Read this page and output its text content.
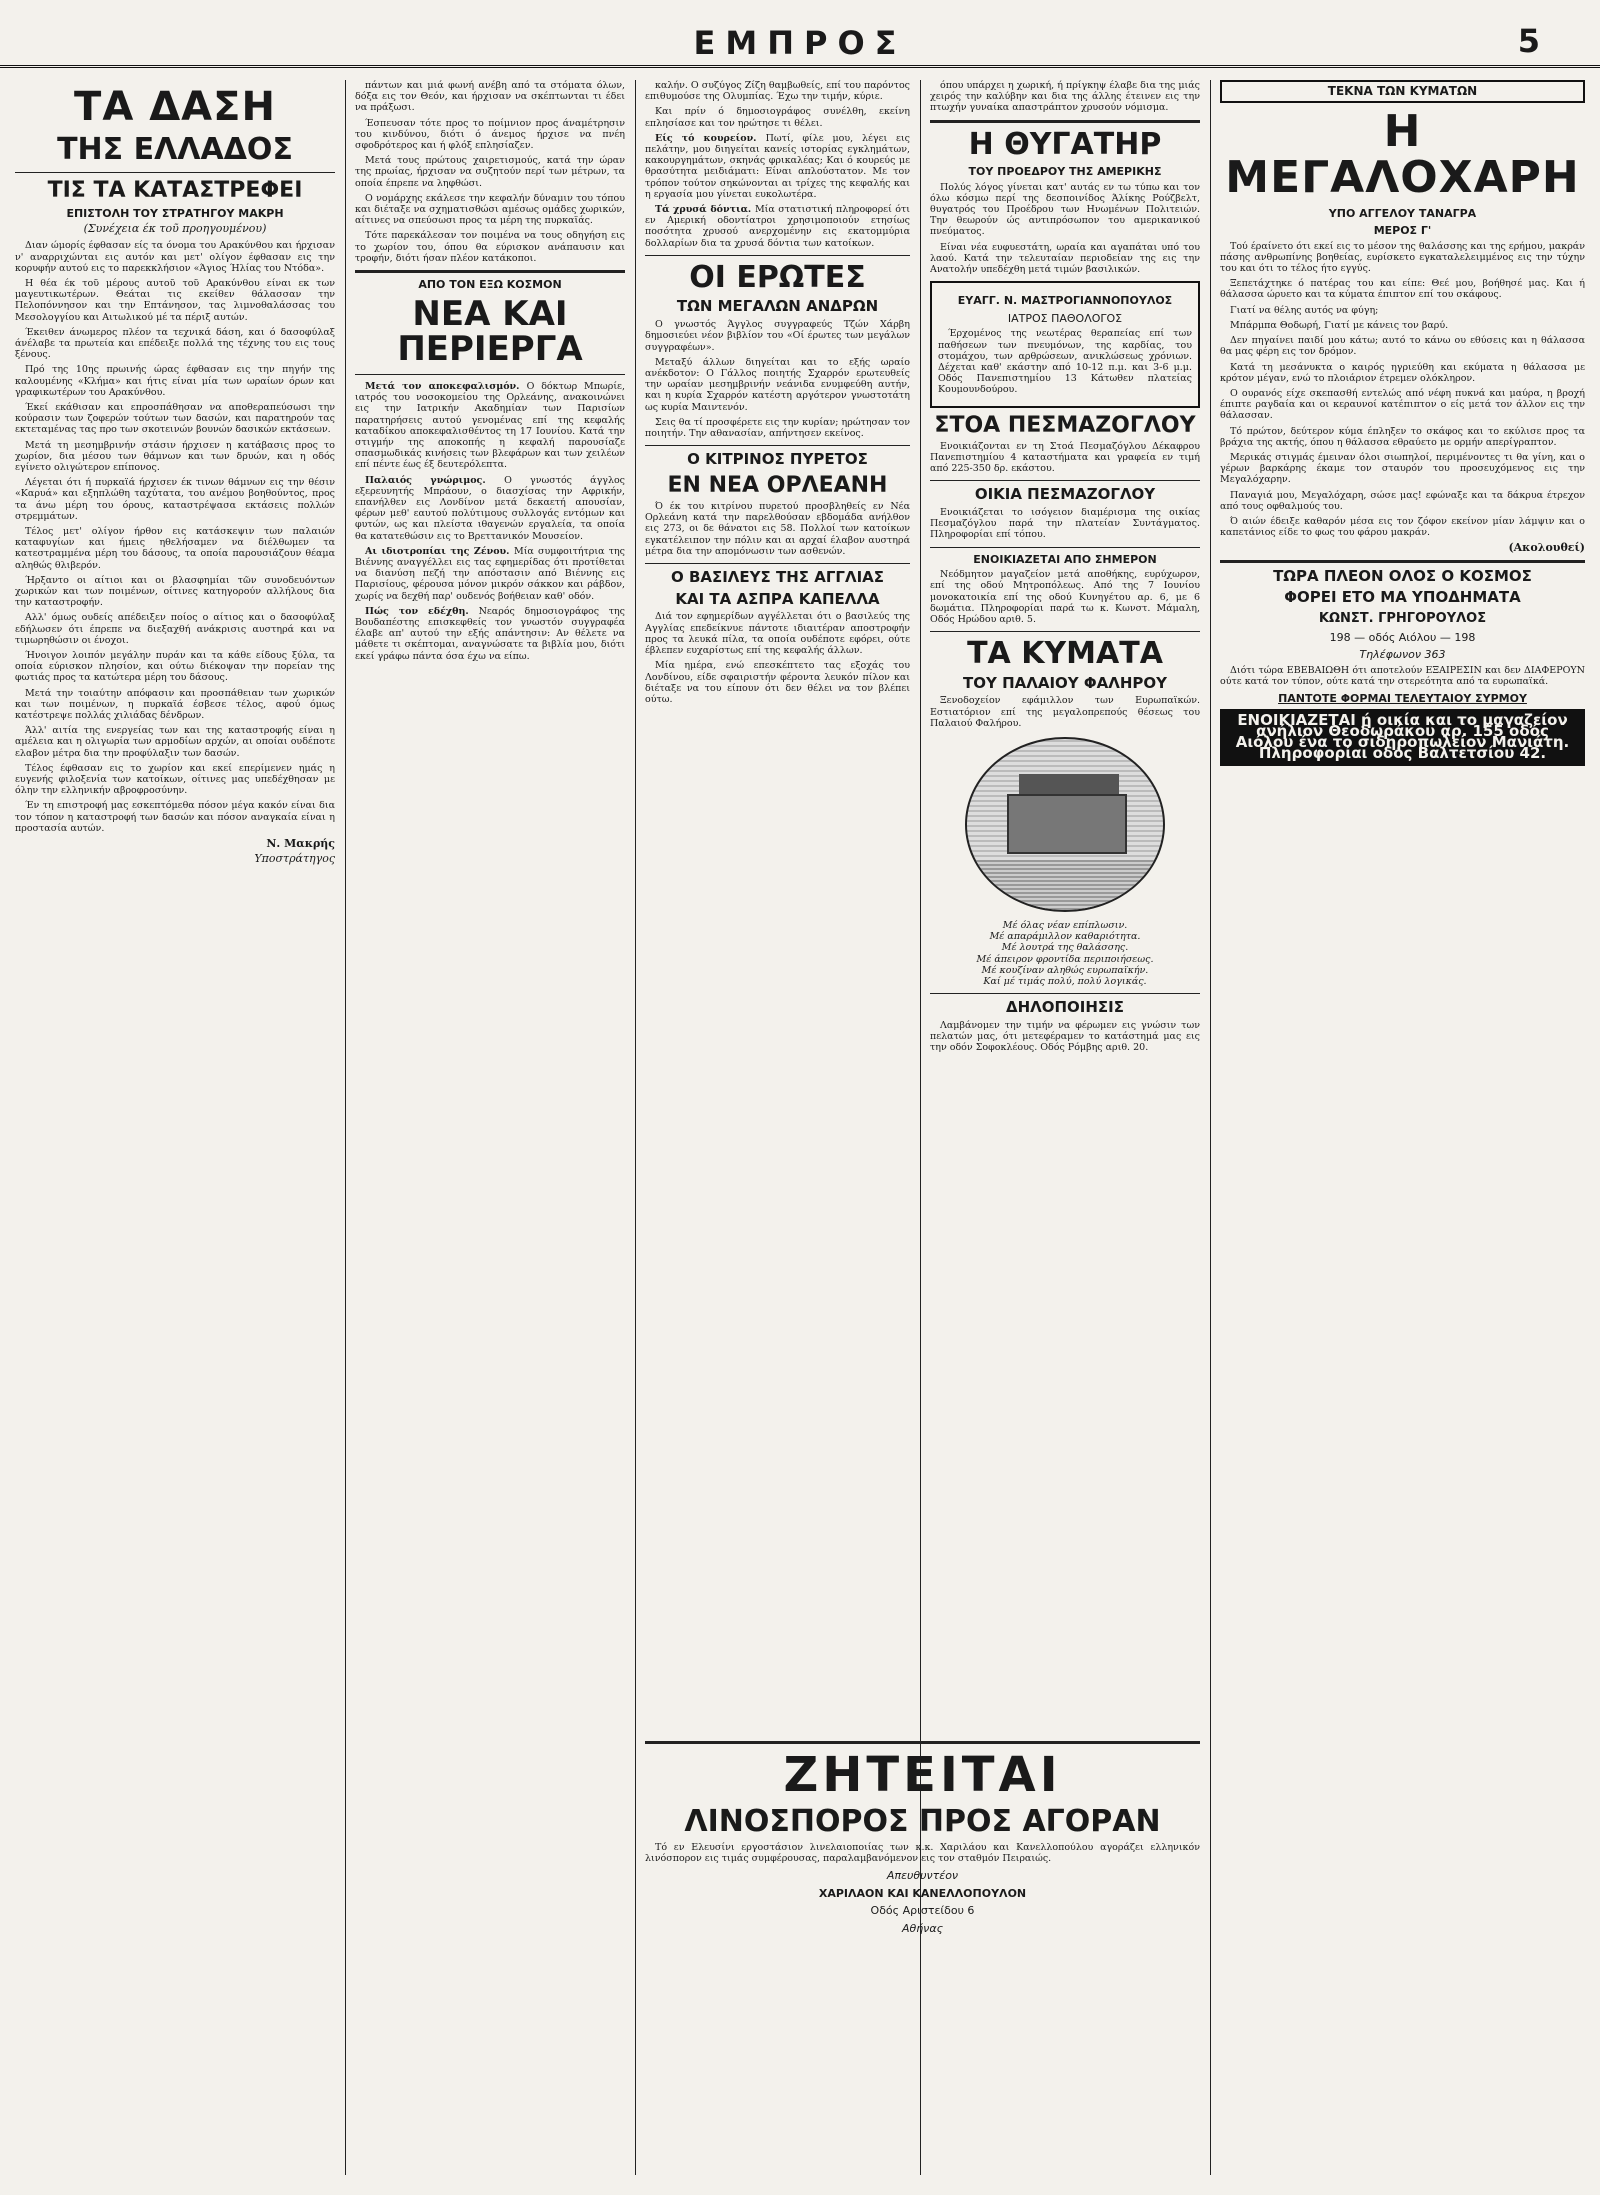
ΕΜΠΡΟΣ	5
ΤΑ ΔΑΣΗ
ΤΗΣ ΕΛΛΑΔΟΣ
ΤΙΣ ΤΑ ΚΑΤΑΣΤΡΕΦΕΙ
ΕΠΙΣΤΟΛΗ ΤΟΥ ΣΤΡΑΤΗΓΟΥ ΜΑΚΡΗ
(Συνέχεια έκ τοῦ προηγουμένου)

Διαν ώμορίς έφθασαν είς τα όνομα του Αρακύνθου και ήρχισαν ν' αναρριχώνται εις αυτόν και μετ' ολίγον έφθασαν εις την κορυφήν αυτού εις το παρεκκλήσιον «Άγιος Ήλίας του Ντόδα».

Η θέα έκ τοῦ μέρους αυτοῦ τοῦ Αρακύνθου είναι εκ των μαγευτικωτέρων. Θεάται τις εκείθεν θάλασσαν την Πελοπόννησον και την Επτάνησον, τας λιμνοθαλάσσας του Μεσολογγίου και Αιτωλικού μέ τα πέριξ αυτών.

Έκειθεν άνωμερος πλέον τα τεχνικά δάση, και ό δασοφύλαξ άνέλαβε τα πρωτεία και επέδειξε πολλά της τέχνης του εις τους ξένους.

Πρό της 10ης πρωινής ώρας έφθασαν εις την πηγήν της καλουμένης «Κλήμα» και ήτις είναι μία των ωραίων όρων και γραφικωτέρων του Αρακύνθου.

Έκεί εκάθισαν και επροσπάθησαν να αποθεραπεύσωσι την κούρασιν των ζοφερών τούτων των δασών, και παρατηρούν τας εκτεταμένας τας προ των σκοτεινών βουνών δασικών εκτάσεων.

Μετά τη μεσημβρινήν στάσιν ήρχισεν η κατάβασις προς το χωρίον, δια μέσου των θάμνων και των δρυών, και η οδός εγίνετο ολιγώτερον επίπονος.

Λέγεται ότι ή πυρκαϊά ήρχισεν έκ τινων θάμνων εις την θέσιν «Καρυά» και εξηπλώθη ταχύτατα, του ανέμου βοηθούντος, προς τα άνω μέρη του όρους, καταστρέψασα εκτάσεις πολλών στρεμμάτων.

Τέλος μετ' ολίγον ήρθον εις κατάσκεψιν των παλαιών καταφυγίων και ήμεις ηθελήσαμεν να διέλθωμεν τα κατεστραμμένα μέρη του δάσους, τα οποία παρουσιάζουν θέαμα αληθώς θλιβερόν.

Ήρξαντο οι αίτιοι και οι βλασφημίαι τῶν συνοδευόντων χωρικών και των ποιμένων, οίτινες κατηγορούν αλλήλους δια την καταστροφήν.

Αλλ' όμως ουδείς απέδειξεν ποίος ο αίτιος και ο δασοφύλαξ εδήλωσεν ότι έπρεπε να διεξαχθή ανάκρισις αυστηρά και να τιμωρηθώσιν οι ένοχοι.

Ήνοιγον λοιπόν μεγάλην πυράν και τα κάθε είδους ξύλα, τα οποία εύρισκον πλησίον, και ούτω διέκοψαν την πορείαν της φωτιάς προς τα κατώτερα μέρη του δάσους.

Μετά την τοιαύτην απόφασιν και προσπάθειαν των χωρικών και των ποιμένων, η πυρκαϊά έσβεσε τέλος, αφού όμως κατέστρεψε πολλάς χιλιάδας δένδρων.

Άλλ' αιτία της ενεργείας των και της καταστροφής είναι η αμέλεια και η ολιγωρία των αρμοδίων αρχών, αι οποίαι ουδέποτε ελαβον μέτρα δια την προφύλαξιν των δασών.

Τέλος έφθασαν εις το χωρίον και εκεί επερίμενεν ημάς η ευγενής φιλοξενία των κατοίκων, οίτινες μας υπεδέχθησαν με όλην την ελληνικήν αβροφροσύνην.

Έν τη επιστροφή μας εσκεπτόμεθα πόσον μέγα κακόν είναι δια τον τόπον η καταστροφή των δασών και πόσον αναγκαία είναι η προστασία αυτών.

Ν. Μακρής
Υποστράτηγος

πάντων και μιά φωνή ανέβη από τα στόματα όλων, δόξα εις τον Θεόν, και ήρχισαν να σκέπτωνται τι έδει να πράξωσι.

Έσπευσαν τότε προς το ποίμνιον προς άναμέτρησιν του κινδύνου, διότι ό άνεμος ήρχισε να πνέη σφοδρότερος και ή φλόξ επλησίαζεν.

Μετά τους πρώτους χαιρετισμούς, κατά την ώραν της πρωίας, ήρχισαν να συζητούν περί των μέτρων, τα οποία έπρεπε να ληφθώσι.

Ο νομάρχης εκάλεσε την κεφαλήν δύναμιν του τόπου και διέταξε να σχηματισθώσι αμέσως ομάδες χωρικών, αίτινες να σπεύσωσι προς τα μέρη της πυρκαϊάς.

Τότε παρεκάλεσαν τον ποιμένα να τους οδηγήση εις το χωρίον του, όπου θα εύρισκον ανάπαυσιν και τροφήν, διότι ήσαν πλέον κατάκοποι.

ΑΠΟ ΤΟΝ ΕΞΩ ΚΟΣΜΟΝ
ΝΕΑ ΚΑΙ ΠΕΡΙΕΡΓΑ

Μετά τον αποκεφαλισμόν. Ο δόκτωρ Μπωρίε, ιατρός του νοσοκομείου της Ορλεάνης, ανακοινώνει εις την Ιατρικήν Ακαδημίαν των Παρισίων παρατηρήσεις αυτού γενομένας επί της κεφαλής καταδίκου αποκεφαλισθέντος τη 17 Ιουνίου. Κατά την στιγμήν της αποκοπής η κεφαλή παρουσίαζε σπασμωδικάς κινήσεις των βλεφάρων και των χειλέων επί πέντε έως έξ δευτερόλεπτα.

Παλαιός γνώριμος. Ο γνωστός άγγλος εξερευνητής Μπράουν, ο διασχίσας την Αφρικήν, επανήλθεν εις Λονδίνον μετά δεκαετή απουσίαν, φέρων μεθ' εαυτού πολύτιμους συλλογάς εντόμων και φυτών, ως και πλείστα ιθαγενών εργαλεία, τα οποία θα κατατεθώσιν εις το Βρεττανικόν Μουσείον.

Αι ιδιοτροπίαι της Ζένου. Μία συμφοιτήτρια της Βιέννης αναγγέλλει εις τας εφημερίδας ότι προτίθεται να διανύση πεζή την απόστασιν από Βιέννης εις Παρισίους, φέρουσα μόνον μικρόν σάκκον και ράβδον, χωρίς να δεχθή παρ' ουδενός βοήθειαν καθ' οδόν.

Πώς τον εδέχθη. Νεαρός δημοσιογράφος της Βουδαπέστης επισκεφθείς τον γνωστόν συγγραφέα έλαβε απ' αυτού την εξής απάντησιν: Αν θέλετε να μάθετε τι σκέπτομαι, αναγνώσατε τα βιβλία μου, διότι εκεί γράφω πάντα όσα έχω να είπω.

καλήν. Ο συζύγος Ζίζη θαμβωθείς, επί του παρόντος επιθυμούσε της Ολυμπίας. Έχω την τιμήν, κύριε.

Και πρίν ό δημοσιογράφος συνέλθη, εκείνη επλησίασε και τον ηρώτησε τι θέλει.

Είς τό κουρείον. Πωτί, φίλε μου, λέγει εις πελάτην, μου διηγείται κανείς ιστορίας εγκλημάτων, κακουργημάτων, σκηνάς φρικαλέας; Και ό κουρεύς με θρασύτητα μειδιάματι: Είναι απλούστατον. Με τον τρόπον τούτον σηκώνονται αι τρίχες της κεφαλής και η εργασία μου γίνεται ευκολωτέρα.

Τά χρυσά δόντια. Μία στατιστική πληροφορεί ότι εν Αμερική οδοντίατροι χρησιμοποιούν ετησίως ποσότητα χρυσού ανερχομένην εις εκατομμύρια δολλαρίων δια τα χρυσά δόντια των κατοίκων.

ΟΙ ΕΡΩΤΕΣ
ΤΩΝ ΜΕΓΑΛΩΝ ΑΝΔΡΩΝ

Ο γνωστός Άγγλος συγγραφεύς Τζών Χάρβη δημοσιεύει νέον βιβλίον του «Οί έρωτες των μεγάλων συγγραφέων».

Μεταξύ άλλων διηγείται και το εξής ωραίο ανέκδοτον: Ο Γάλλος ποιητής Σχαρρόν ερωτευθείς την ωραίαν μεσημβρινήν νεάνιδα ενυμφεύθη αυτήν, και η κυρία Σχαρρόν κατέστη αργότερον γνωστοτάτη ως κυρία Μαιντενόν.

Σεις θα τί προσφέρετε εις την κυρίαν; ηρώτησαν τον ποιητήν. Την αθανασίαν, απήντησεν εκείνος.

Ο ΚΙΤΡΙΝΟΣ ΠΥΡΕΤΟΣ
ΕΝ ΝΕΑ ΟΡΛΕΑΝΗ

Ό έκ του κιτρίνου πυρετού προσβληθείς εν Νέα Ορλεάνη κατά την παρελθούσαν εβδομάδα ανήλθον εις 273, οι δε θάνατοι εις 58. Πολλοί των κατοίκων εγκατέλειπον την πόλιν και αι αρχαί έλαβον αυστηρά μέτρα δια την απομόνωσιν των ασθενών.

Ο ΒΑΣΙΛΕΥΣ ΤΗΣ ΑΓΓΛΙΑΣ
ΚΑΙ ΤΑ ΑΣΠΡΑ ΚΑΠΕΛΛΑ

Διά τον εφημερίδων αγγέλλεται ότι ο βασιλεύς της Αγγλίας επεδείκνυε πάντοτε ιδιαιτέραν αποστροφήν προς τα λευκά πίλα, τα οποία ουδέποτε εφόρει, ούτε έβλεπεν ευχαρίστως επί της κεφαλής άλλων.

Μία ημέρα, ενώ επεσκέπτετο τας εξοχάς του Λονδίνου, είδε σφαιριστήν φέροντα λευκόν πίλον και διέταξε να του είπουν ότι δεν θέλει να τον βλέπει ούτω.

όπου υπάρχει η χωρική, ή πρίγκηψ έλαβε δια της μιάς χειρός την καλύβην και δια της άλλης έτεινεν εις την πτωχήν γυναίκα απαστράπτον χρυσούν νόμισμα.

Η ΘΥΓΑΤΗΡ
ΤΟΥ ΠΡΟΕΔΡΟΥ ΤΗΣ ΑΜΕΡΙΚΗΣ

Πολύς λόγος γίνεται κατ' αυτάς εν τω τύπω και τον όλω κόσμω περί της δεσποινίδος Άλίκης Ρούζβελτ, θυγατρός του Προέδρου των Ηνωμένων Πολιτειών. Την θεωρούν ώς αντιπρόσωπον του αμερικανικού πνεύματος.

Είναι νέα ευφυεστάτη, ωραία και αγαπάται υπό του λαού. Κατά την τελευταίαν περιοδείαν της εις την Ανατολήν υπεδέχθη μετά τιμών βασιλικών.

ΕΥΑΓΓ. Ν. ΜΑΣΤΡΟΓΙΑΝΝΟΠΟΥΛΟΣ
ΙΑΤΡΟΣ ΠΑΘΟΛΟΓΟΣ

Έρχομένος της νεωτέρας θεραπείας επί των παθήσεων των πνευμόνων, της καρδίας, του στομάχου, των αρθρώσεων, ανικλώσεως χρόνιων. Δέχεται καθ' εκάστην από 10-12 π.μ. και 3-6 μ.μ. Οδός Πανεπιστημίου 13 Κάτωθεν πλατείας Κουμουνδούρου.

ΣΤΟΑ ΠΕΣΜΑΖΟΓΛΟΥ

Ενοικιάζονται εν τη Στοά Πεσμαζόγλου Δέκαφρου Πανεπιστημίου 4 καταστήματα και γραφεία εν τιμή από 225-350 δρ. εκάστου.

ΟΙΚΙΑ ΠΕΣΜΑΖΟΓΛΟΥ

Ενοικιάζεται το ισόγειον διαμέρισμα της οικίας Πεσμαζόγλου παρά την πλατείαν Συντάγματος. Πληροφορίαι επί τόπου.

ΕΝΟΙΚΙΑΖΕΤΑΙ ΑΠΟ ΣΗΜΕΡΟΝ

Νεόδμητον μαγαζείον μετά αποθήκης, ευρύχωρον, επί της οδού Μητροπόλεως. Από της 7 Ιουνίου μονοκατοικία επί της οδού Κυνηγέτου αρ. 6, με 6 δωμάτια. Πληροφορίαι παρά τω κ. Κωνστ. Μάμαλη, Οδός Ηρώδου αριθ. 5.

ΤΑ ΚΥΜΑΤΑ
ΤΟΥ ΠΑΛΑΙΟΥ ΦΑΛΗΡΟΥ

Ξενοδοχείον εφάμιλλον των Ευρωπαϊκών. Εστιατόριον επί της μεγαλοπρεπούς θέσεως του Παλαιού Φαλήρου.

Μέ όλας νέαν επίπλωσιν.
Μέ απαράμιλλον καθαριότητα.
Μέ λουτρά της θαλάσσης.
Μέ άπειρον φροντίδα περιποιήσεως.
Μέ κουζίναν αληθώς ευρωπαϊκήν.
Καί μέ τιμάς πολύ, πολύ λογικάς.
ΔΗΛΟΠΟΙΗΣΙΣ

Λαμβάνομεν την τιμήν να φέρωμεν εις γνώσιν των πελατών μας, ότι μετεφέραμεν το κατάστημά μας εις την οδόν Σοφοκλέους. Οδός Ρόμβης αριθ. 20.

ΖΗΤΕΙΤΑΙ
ΛΙΝΟΣΠΟΡΟΣ ΠΡΟΣ ΑΓΟΡΑΝ

Τό εν Ελευσίνι εργοστάσιον λινελαιοποιίας των κ.κ. Χαριλάου και Κανελλοπούλου αγοράζει ελληνικόν λινόσπορον εις τιμάς συμφέρουσας, παραλαμβανόμενον εις τον σταθμόν Πειραιώς.

Απευθυντέον
ΧΑΡΙΛΑΟΝ ΚΑΙ ΚΑΝΕΛΛΟΠΟΥΛΟΝ
Οδός Αριστείδου 6
Αθήνας
ΤΕΚΝΑ ΤΩΝ ΚΥΜΑΤΩΝ
Η ΜΕΓΑΛΟΧΑΡΗ
ΥΠΟ ΑΓΓΕΛΟΥ ΤΑΝΑΓΡΑ
ΜΕΡΟΣ Γ'

Τού έραίνετο ότι εκεί εις το μέσον της θαλάσσης και της ερήμου, μακράν πάσης ανθρωπίνης βοηθείας, ευρίσκετο εγκαταλελειμμένος εις την τύχην του και ότι το τέλος ήτο εγγύς.

Ξεπετάχτηκε ό πατέρας του και είπε: Θεέ μου, βοήθησέ μας. Και ή θάλασσα ώρυετο και τα κύματα έπιπτον επί του σκάφους.

Γιατί να θέλης αυτός να φύγη;

Μπάρμπα Θοδωρή, Γιατί με κάνεις τον βαρύ.

Δεν πηγαίνει παιδί μου κάτω; αυτό το κάνω ου εθύσεις και η θάλασσα θα μας φέρη εις τον δρόμον.

Κατά τη μεσάνυκτα ο καιρός ηγριεύθη και εκύματα η θάλασσα με κρότον μέγαν, ενώ το πλοιάριον έτρεμεν ολόκληρον.

Ο ουρανός είχε σκεπασθή εντελώς από νέφη πυκνά και μαύρα, η βροχή έπιπτε ραγδαία και οι κεραυνοί κατέπιπτον ο είς μετά τον άλλον εις την θάλασσαν.

Τό πρώτον, δεύτερον κύμα έπληξεν το σκάφος και το εκύλισε προς τα βράχια της ακτής, όπου η θάλασσα εθραύετο με ορμήν απερίγραπτον.

Μερικάς στιγμάς έμειναν όλοι σιωπηλοί, περιμένοντες τι θα γίνη, και ο γέρων βαρκάρης έκαμε τον σταυρόν του προσευχόμενος εις την Μεγαλόχαρην.

Παναγιά μου, Μεγαλόχαρη, σώσε μας! εφώναξε και τα δάκρυα έτρεχον από τους οφθαλμούς του.

Ό αιών έδειξε καθαρόν μέσα εις τον ζόφον εκείνον μίαν λάμψιν και ο καπετάνιος είδε το φως του φάρου μακράν.

(Ακολουθεί)
ΤΩΡΑ ΠΛΕΟΝ ΟΛΟΣ Ο ΚΟΣΜΟΣ
ΦΟΡΕΙ ΕΤΟ ΜΑ ΥΠΟΔΗΜΑΤΑ
ΚΩΝΣΤ. ΓΡΗΓΟΡΟΥΛΟΣ
198 — οδός Αιόλου — 198
Τηλέφωνον 363

Διότι τώρα ΕΒΕΒΑΙΩΘΗ ότι αποτελούν ΕΞΑΙΡΕΣΙΝ και δεν ΔΙΑΦΕΡΟΥΝ ούτε κατά τον τύπον, ούτε κατά την στερεότητα από τα ευρωπαϊκά.

ΠΑΝΤΟΤΕ ΦΟΡΜΑΙ ΤΕΛΕΥΤΑΙΟΥ ΣΥΡΜΟΥ
ΕΝΟΙΚΙΑΖΕΤΑΙ ή οικία και το μαγαζείον ανήλιον Θεοδωράκου αρ. 155 οδός Αιόλου ένα το σιδηροπωλείον Μανιάτη. Πληροφορίαι οδός Βαλτετσίου 42.
